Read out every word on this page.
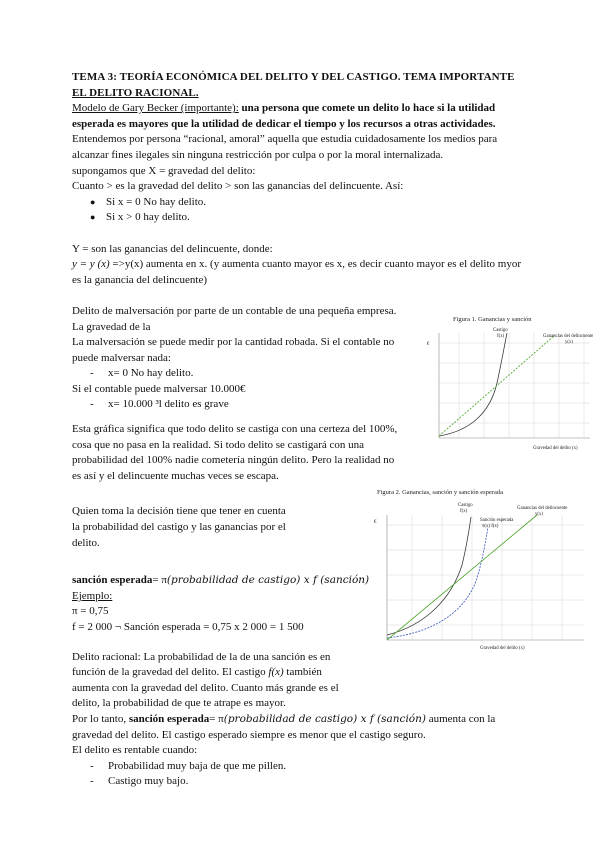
TEMA 3: TEORÍA ECONÓMICA DEL DELITO Y DEL CASTIGO. TEMA IMPORTANTE
EL DELITO RACIONAL.

Modelo de Gary Becker (importante): una persona que comete un delito lo hace si la utilidad esperada es mayores que la utilidad de dedicar el tiempo y los recursos a otras actividades.

Entendemos por persona “racional, amoral” aquella que estudia cuidadosamente los medios para alcanzar fines ilegales sin ninguna restricción por culpa o por la moral internalizada.

supongamos que X = gravedad del delito:

Cuanto > es la gravedad del delito > son las ganancias del delincuente. Así:

● Si x = 0 No hay delito.
● Si x > 0 hay delito.

Y = son las ganancias del delincuente, donde:

y = y (x) =>y(x) aumenta en x. (y aumenta cuanto mayor es x, es decir cuanto mayor es el delito myor es la ganancia del delincuente)

Delito de malversación por parte de un contable de una pequeña empresa. La gravedad de la

La malversación se puede medir por la cantidad robada. Si el contable no puede malversar nada:

- x= 0 No hay delito.

Si el contable puede malversar 10.000€

- x= 10.000 ³l delito es grave

Esta gráfica significa que todo delito se castiga con una certeza del 100%, cosa que no pasa en la realidad. Si todo delito se castigará con una probabilidad del 100% nadie cometería ningún delito. Pero la realidad no es así y el delincuente muchas veces se escapa.

Quien toma la decisión tiene que tener en cuenta la probabilidad del castigo y las ganancias por el delito.

sanción esperada= π(probabilidad de castigo) x f (sanción)

Ejemplo:

π = 0,75

f = 2 000 ¬ Sanción esperada = 0,75 x 2 000 = 1 500

Delito racional: La probabilidad de la de una sanción es en función de la gravedad del delito. El castigo f(x) también aumenta con la gravedad del delito. Cuanto más grande es el delito, la probabilidad de que te atrape es mayor.

Por lo tanto, sanción esperada= π(probabilidad de castigo) x f (sanción) aumenta con la gravedad del delito. El castigo esperado siempre es menor que el castigo seguro.

El delito es rentable cuando:

- Probabilidad muy baja de que me pillen.
- Castigo muy bajo.
Figura 1. Ganancias y sanción
€
Castigo
f(x)	Ganancias del delincuente
y(x)
Gravedad del delito (x)
Figura 2. Ganancias, sanción y sanción esperada
€
Castigo
f(x)
Sanción esperada
π(x) f(x)
Ganancias del delincuente
y(x)
Gravedad del delito (x)
